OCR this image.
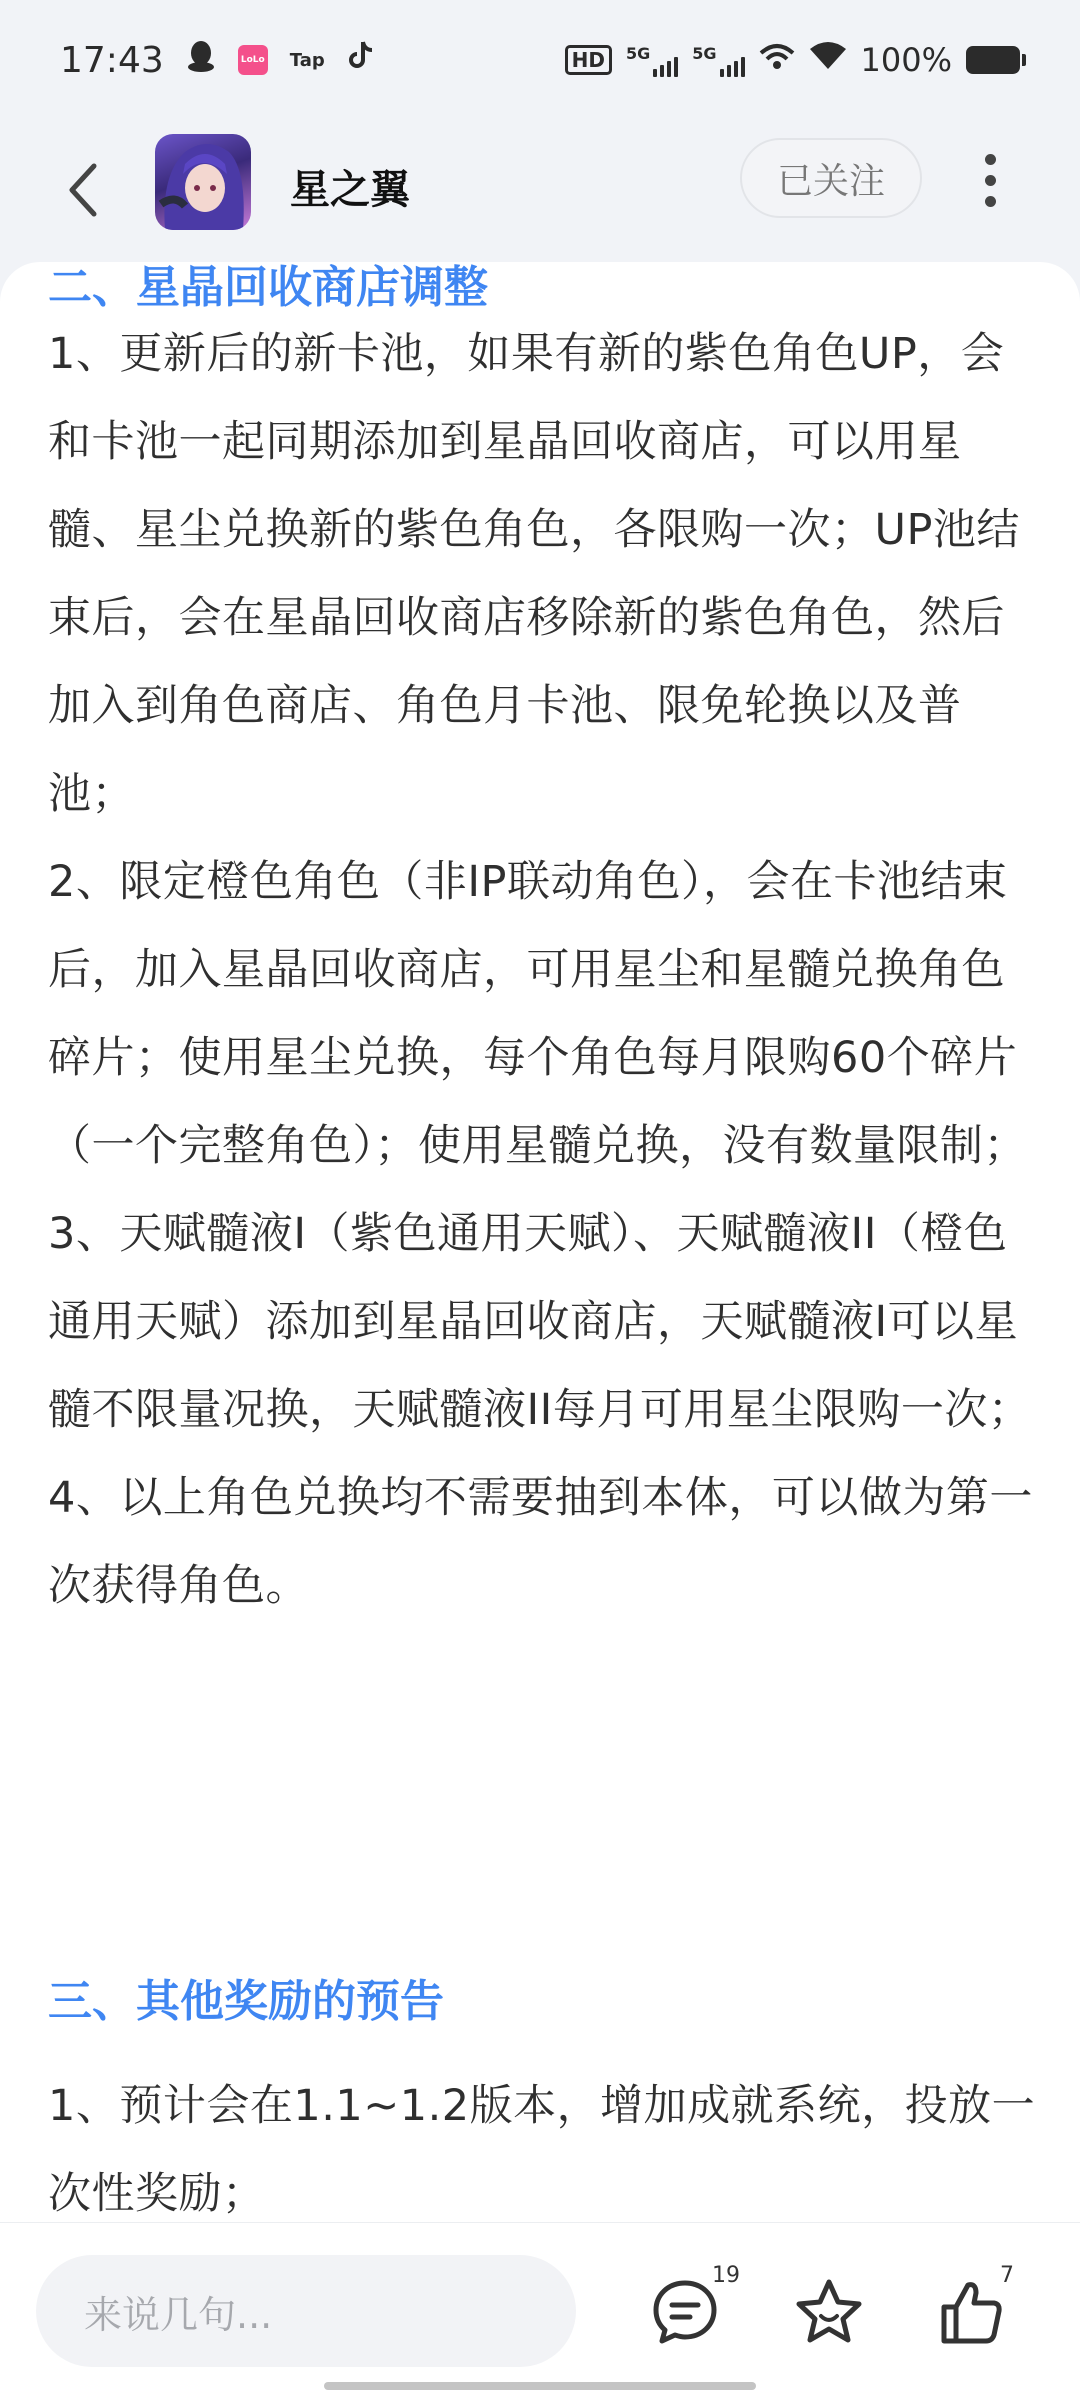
17:43	LoLo Tap	HD	5G	5G	100%
星之翼	已关注

二、星晶回收商店调整

1、更新后的新卡池，如果有新的紫色角色UP，会和卡池一起同期添加到星晶回收商店，可以用星髓、星尘兑换新的紫色角色，各限购一次；UP池结束后，会在星晶回收商店移除新的紫色角色，然后加入到角色商店、角色月卡池、限免轮换以及普池；

2、限定橙色角色（非IP联动角色），会在卡池结束后，加入星晶回收商店，可用星尘和星髓兑换角色碎片；使用星尘兑换，每个角色每月限购60个碎片（一个完整角色）；使用星髓兑换，没有数量限制；

3、天赋髓液I（紫色通用天赋）、天赋髓液II（橙色通用天赋）添加到星晶回收商店，天赋髓液I可以星髓不限量况换，天赋髓液II每月可用星尘限购一次；

4、以上角色兑换均不需要抽到本体，可以做为第一次获得角色。

三、其他奖励的预告

1、预计会在1.1~1.2版本，增加成就系统，投放一次性奖励；

来说几句...
19	7
